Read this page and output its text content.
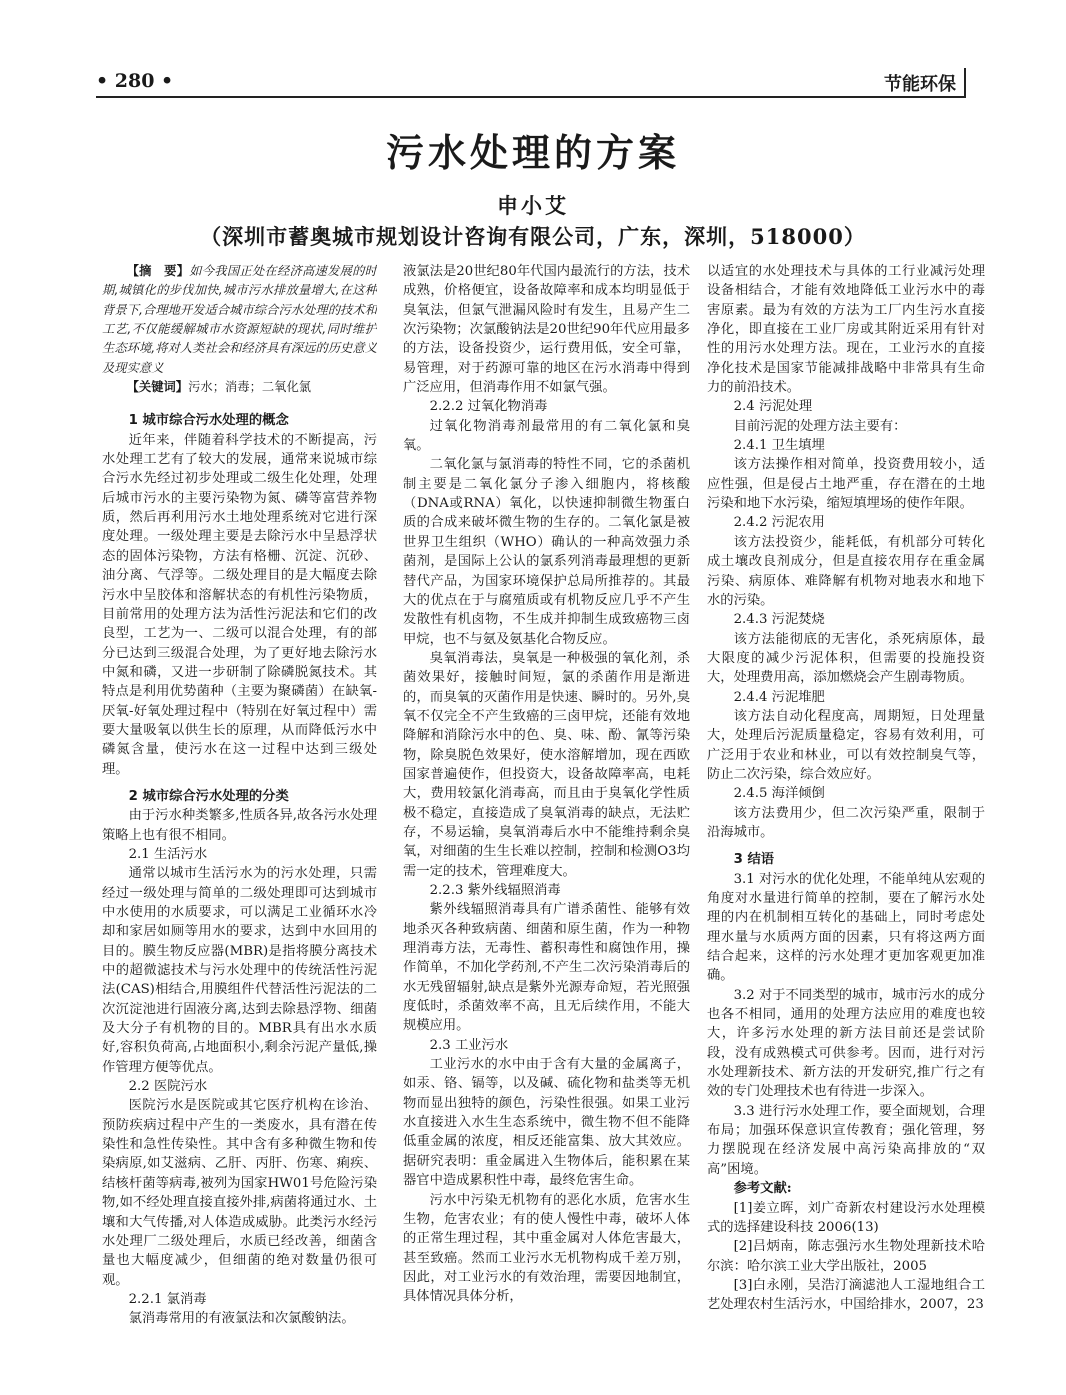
• 280 •	节能环保
污水处理的方案
申小艾
（深圳市蓄奥城市规划设计咨询有限公司，广东，深圳，518000）

【摘　要】如今我国正处在经济高速发展的时期,城镇化的步伐加快,城市污水排放量增大,在这种背景下,合理地开发适合城市综合污水处理的技术和工艺,不仅能缓解城市水资源短缺的现状,同时维护生态环境,将对人类社会和经济具有深远的历史意义及现实意义

【关键词】污水；消毒；二氧化氯

1 城市综合污水处理的概念

近年来，伴随着科学技术的不断提高，污水处理工艺有了较大的发展，通常来说城市综合污水先经过初步处理或二级生化处理，处理后城市污水的主要污染物为氮、磷等富营养物质，然后再利用污水土地处理系统对它进行深度处理。一级处理主要是去除污水中呈悬浮状态的固体污染物，方法有格栅、沉淀、沉砂、油分离、气浮等。二级处理目的是大幅度去除污水中呈胶体和溶解状态的有机性污染物质，目前常用的处理方法为活性污泥法和它们的改良型，工艺为一、二级可以混合处理，有的部分已达到三级混合处理，为了更好地去除污水中氮和磷，又进一步研制了除磷脱氮技术。其特点是利用优势菌种（主要为聚磷菌）在缺氧-厌氧-好氧处理过程中（特别在好氧过程中）需要大量吸氧以供生长的原理，从而降低污水中磷氮含量，使污水在这一过程中达到三级处理。

2 城市综合污水处理的分类

由于污水种类繁多,性质各异,故各污水处理策略上也有很不相同。

2.1 生活污水

通常以城市生活污水为的污水处理，只需经过一级处理与简单的二级处理即可达到城市中水使用的水质要求，可以满足工业循环水冷却和家居如厕等用水的要求，达到中水回用的目的。膜生物反应器(MBR)是指将膜分离技术中的超微滤技术与污水处理中的传统活性污泥法(CAS)相结合,用膜组件代替活性污泥法的二次沉淀池进行固液分离,达到去除悬浮物、细菌及大分子有机物的目的。MBR具有出水水质好,容积负荷高,占地面积小,剩余污泥产量低,操作管理方便等优点。

2.2 医院污水

医院污水是医院或其它医疗机构在诊治、预防疾病过程中产生的一类废水，具有潜在传染性和急性传染性。其中含有多种微生物和传染病原,如艾滋病、乙肝、丙肝、伤寒、痢疾、结核杆菌等病毒,被列为国家HW01号危险污染物,如不经处理直接直接外排,病菌将通过水、土壤和大气传播,对人体造成威胁。此类污水经污水处理厂二级处理后，水质已经改善，细菌含量也大幅度减少，但细菌的绝对数量仍很可观。

2.2.1 氯消毒

氯消毒常用的有液氯法和次氯酸钠法。

液氯法是20世纪80年代国内最流行的方法，技术成熟，价格便宜，设备故障率和成本均明显低于臭氧法，但氯气泄漏风险时有发生，且易产生二次污染物；次氯酸钠法是20世纪90年代应用最多的方法，设备投资少，运行费用低，安全可靠，易管理，对于药源可靠的地区在污水消毒中得到广泛应用，但消毒作用不如氯气强。

2.2.2 过氧化物消毒

过氧化物消毒剂最常用的有二氧化氯和臭氧。

二氧化氯与氯消毒的特性不同，它的杀菌机制主要是二氧化氯分子渗入细胞内，将核酸（DNA或RNA）氧化，以快速抑制微生物蛋白质的合成来破坏微生物的生存的。二氧化氯是被世界卫生组织（WHO）确认的一种高效强力杀菌剂，是国际上公认的氯系列消毒最理想的更新替代产品，为国家环境保护总局所推荐的。其最大的优点在于与腐殖质或有机物反应几乎不产生发散性有机卤物，不生成并抑制生成致癌物三卤甲烷，也不与氨及氨基化合物反应。

臭氧消毒法，臭氧是一种极强的氧化剂，杀菌效果好，接触时间短，氯的杀菌作用是渐进的，而臭氧的灭菌作用是快速、瞬时的。另外,臭氧不仅完全不产生致癌的三卤甲烷，还能有效地降解和消除污水中的色、臭、味、酚、氰等污染物，除臭脱色效果好，使水溶解增加，现在西欧国家普遍使作，但投资大，设备故障率高，电耗大，费用较氯化消毒高，而且由于臭氧化学性质极不稳定，直接造成了臭氧消毒的缺点，无法贮存，不易运输，臭氧消毒后水中不能维持剩余臭氧，对细菌的生生长难以控制，控制和检测O3均需一定的技术，管理难度大。

2.2.3 紫外线辐照消毒

紫外线辐照消毒具有广谱杀菌性、能够有效地杀灭各种致病菌、细菌和原生菌，作为一种物理消毒方法，无毒性、蓄积毒性和腐蚀作用，操作简单，不加化学药剂,不产生二次污染消毒后的水无残留辐射,缺点是紫外光源寿命短，若光照强度低时，杀菌效率不高，且无后续作用，不能大规模应用。

2.3 工业污水

工业污水的水中由于含有大量的金属离子，如汞、铬、镉等，以及碱、硫化物和盐类等无机物而显出独特的颜色，污染性很强。如果工业污水直接进入水生生态系统中，微生物不但不能降低重金属的浓度，相反还能富集、放大其效应。据研究表明：重金属进入生物体后，能积累在某器官中造成累积性中毒，最终危害生命。

污水中污染无机物有的恶化水质，危害水生生物，危害农业；有的使人慢性中毒，破坏人体的正常生理过程，其中重金属对人体危害最大，甚至致癌。然而工业污水无机物构成千差万别，因此，对工业污水的有效治理，需要因地制宜，具体情况具体分析，

以适宜的水处理技术与具体的工行业减污处理设备相结合，才能有效地降低工业污水中的毒害原素。最为有效的方法为工厂内生污水直接净化，即直接在工业厂房或其附近采用有针对性的用污水处理方法。现在，工业污水的直接净化技术是国家节能减排战略中非常具有生命力的前沿技术。

2.4 污泥处理

目前污泥的处理方法主要有：

2.4.1 卫生填埋

该方法操作相对简单，投资费用较小，适应性强，但是侵占土地严重，存在潜在的土地污染和地下水污染，缩短填埋场的使作年限。

2.4.2 污泥农用

该方法投资少，能耗低，有机部分可转化成土壤改良剂成分，但是直接农用存在重金属污染、病原体、难降解有机物对地表水和地下水的污染。

2.4.3 污泥焚烧

该方法能彻底的无害化，杀死病原体，最大限度的减少污泥体积，但需要的投施投资大，处理费用高，添加燃烧会产生剧毒物质。

2.4.4 污泥堆肥

该方法自动化程度高，周期短，日处理量大，处理后污泥质量稳定，容易有效利用，可广泛用于农业和林业，可以有效控制臭气等，防止二次污染，综合效应好。

2.4.5 海洋倾倒

该方法费用少，但二次污染严重，限制于沿海城市。

3 结语

3.1 对污水的优化处理，不能单纯从宏观的角度对水量进行简单的控制，要在了解污水处理的内在机制相互转化的基础上，同时考虑处理水量与水质两方面的因素，只有将这两方面结合起来，这样的污水处理才更加客观更加准确。

3.2 对于不同类型的城市，城市污水的成分也各不相同，通用的处理方法应用的难度也较大，许多污水处理的新方法目前还是尝试阶段，没有成熟模式可供参考。因而，进行对污水处理新技术、新方法的开发研究,推广行之有效的专门处理技术也有待进一步深入。

3.3 进行污水处理工作，要全面规划，合理布局；加强环保意识宣传教育；强化管理，努力摆脱现在经济发展中高污染高排放的“双高”困境。

参考文献:

[1]姜立晖，刘广奇新农村建设污水处理模式的选择建设科技 2006(13)

[2]吕炳南，陈志强污水生物处理新技术哈尔滨：哈尔滨工业大学出版社，2005

[3]白永刚，吴浩汀滴滤池人工湿地组合工艺处理农村生活污水，中国给排水，2007，23
